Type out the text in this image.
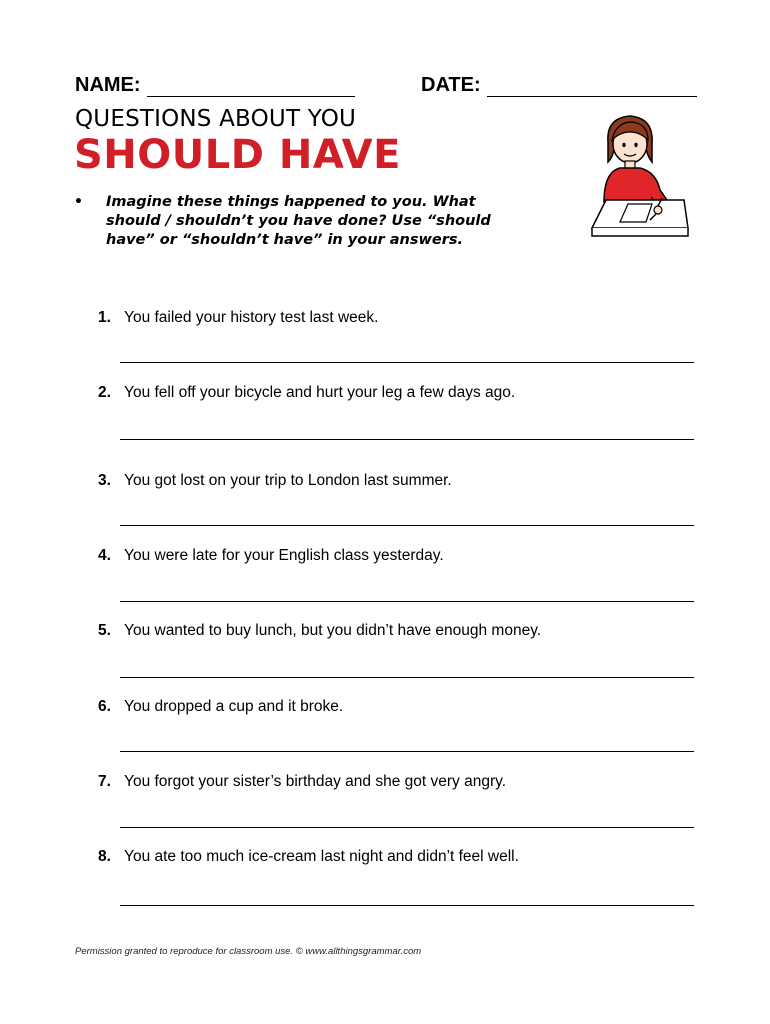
NAME:	DATE:
QUESTIONS ABOUT YOU
SHOULD HAVE
•	Imagine these things happened to you. What should / shouldn’t you have done? Use “should have” or “shouldn’t have” in your answers.
1. You failed your history test last week.
2. You fell off your bicycle and hurt your leg a few days ago.
3. You got lost on your trip to London last summer.
4. You were late for your English class yesterday.
5. You wanted to buy lunch, but you didn’t have enough money.
6. You dropped a cup and it broke.
7. You forgot your sister’s birthday and she got very angry.
8. You ate too much ice-cream last night and didn’t feel well.
Permission granted to reproduce for classroom use. © www.allthingsgrammar.com
